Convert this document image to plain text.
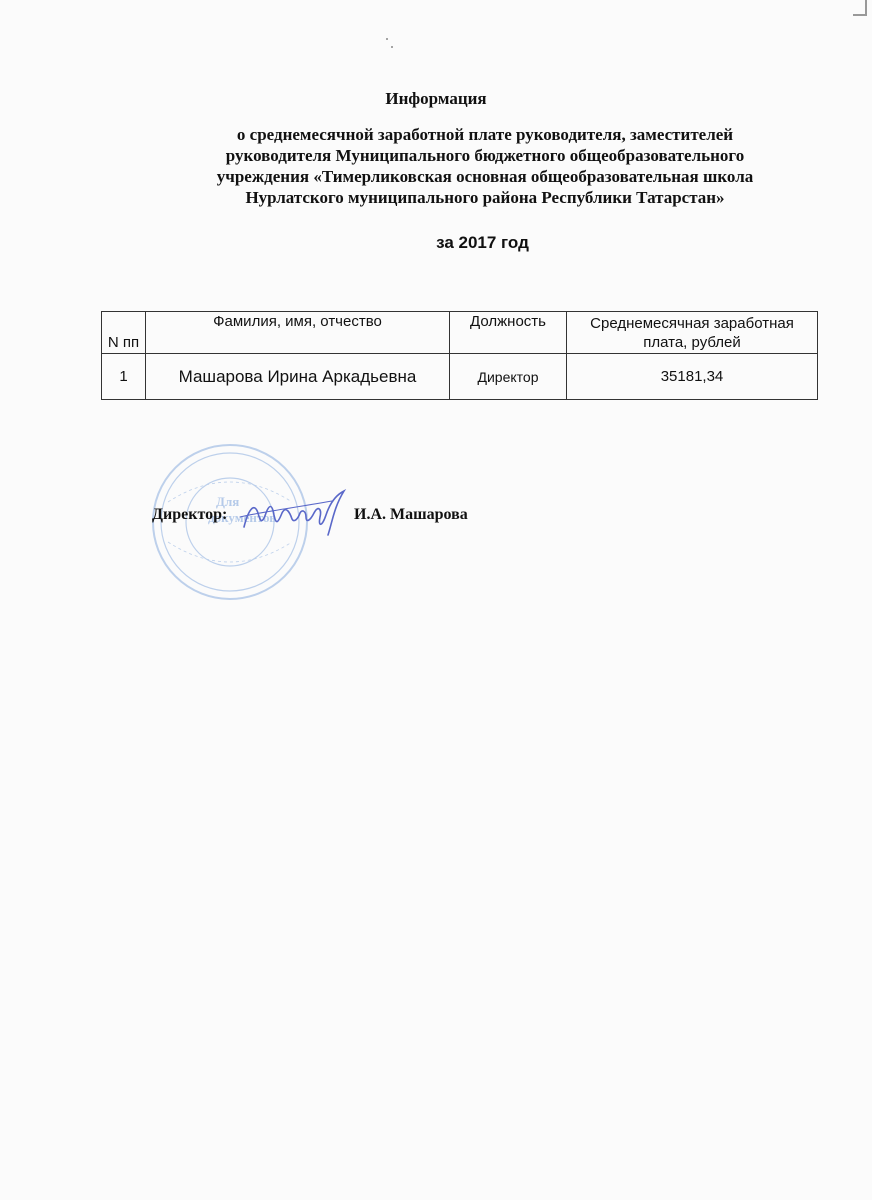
Информация
о среднемесячной заработной плате руководителя, заместителей
руководителя Муниципального бюджетного общеобразовательного
учреждения «Тимерликовская основная общеобразовательная школа
Нурлатского муниципального района Республики Татарстан»
за 2017 год
N пп	Фамилия, имя, отчество	Должность	Среднемесячная заработная плата, рублей
1	Машарова Ирина Аркадьевна	Директор	35181,34
Для
документов
Директор:	И.А. Машарова
